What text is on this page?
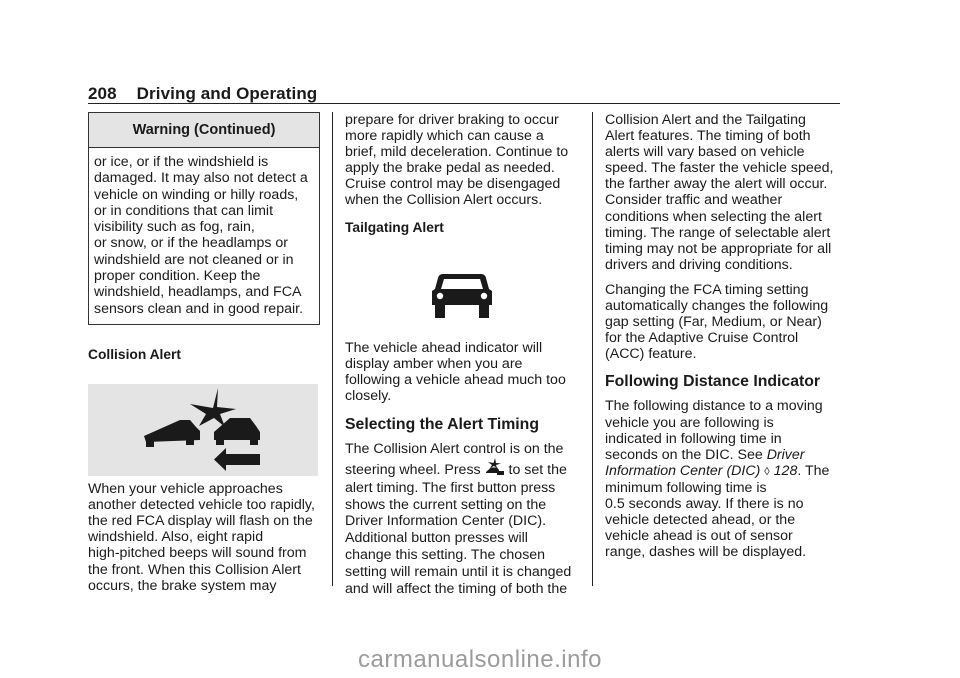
208 Driving and Operating
Warning (Continued)
or ice, or if the windshield is
damaged. It may also not detect a
vehicle on winding or hilly roads,
or in conditions that can limit
visibility such as fog, rain,
or snow, or if the headlamps or
windshield are not cleaned or in
proper condition. Keep the
windshield, headlamps, and FCA
sensors clean and in good repair.
Collision Alert
When your vehicle approaches
another detected vehicle too rapidly,
the red FCA display will flash on the
windshield. Also, eight rapid
high-pitched beeps will sound from
the front. When this Collision Alert
occurs, the brake system may
prepare for driver braking to occur
more rapidly which can cause a
brief, mild deceleration. Continue to
apply the brake pedal as needed.
Cruise control may be disengaged
when the Collision Alert occurs.
Tailgating Alert
The vehicle ahead indicator will
display amber when you are
following a vehicle ahead much too
closely.
Selecting the Alert Timing
The Collision Alert control is on the
steering wheel. Press  to set the
alert timing. The first button press
shows the current setting on the
Driver Information Center (DIC).
Additional button presses will
change this setting. The chosen
setting will remain until it is changed
and will affect the timing of both the
Collision Alert and the Tailgating
Alert features. The timing of both
alerts will vary based on vehicle
speed. The faster the vehicle speed,
the farther away the alert will occur.
Consider traffic and weather
conditions when selecting the alert
timing. The range of selectable alert
timing may not be appropriate for all
drivers and driving conditions.
Changing the FCA timing setting
automatically changes the following
gap setting (Far, Medium, or Near)
for the Adaptive Cruise Control
(ACC) feature.
Following Distance Indicator
The following distance to a moving
vehicle you are following is
indicated in following time in
seconds on the DIC. See Driver
Information Center (DIC) ◊ 128. The
minimum following time is
0.5 seconds away. If there is no
vehicle detected ahead, or the
vehicle ahead is out of sensor
range, dashes will be displayed.
carmanualsonline.info
